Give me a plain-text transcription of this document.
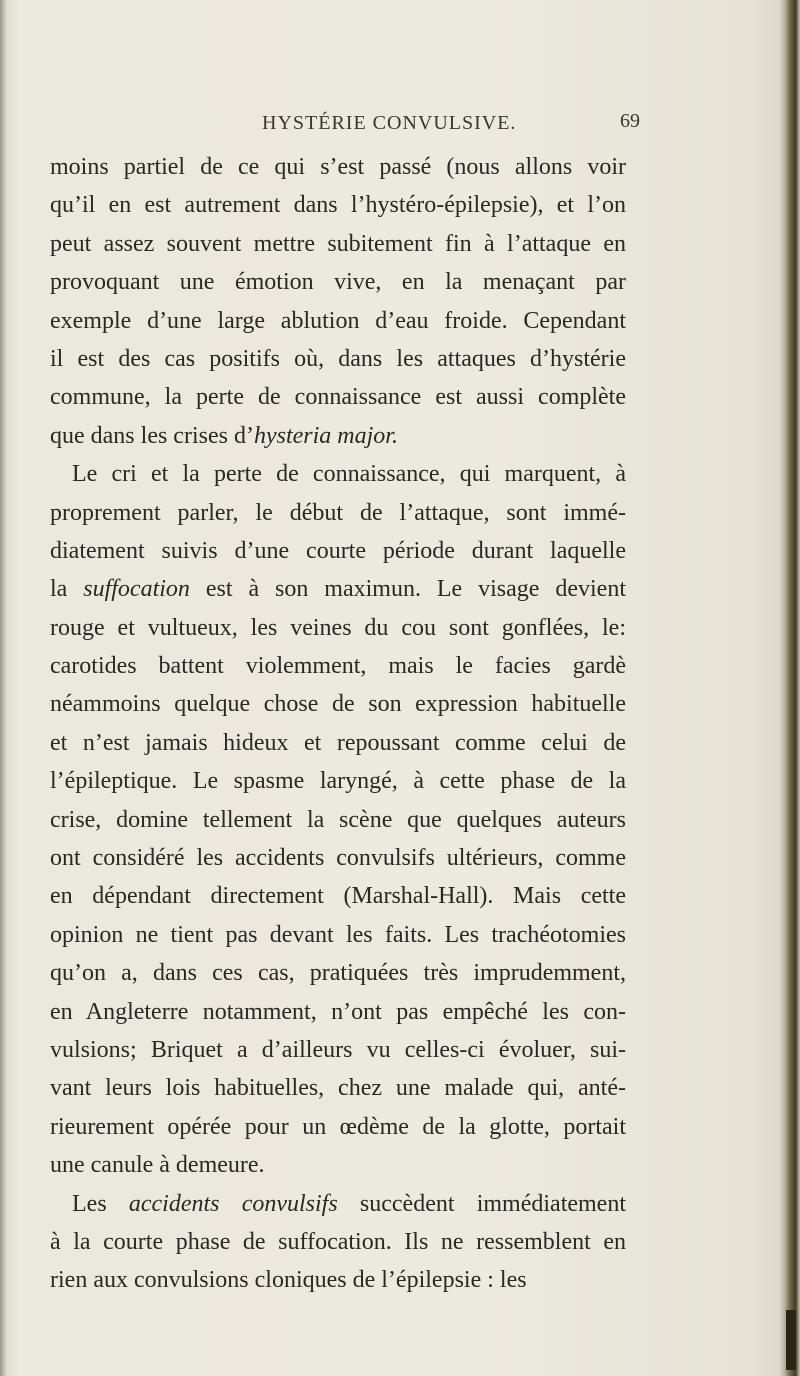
HYSTÉRIE CONVULSIVE.	69
moins partiel de ce qui s’est passé (nous allons voir
qu’il en est autrement dans l’hystéro-épilepsie), et l’on
peut assez souvent mettre subitement fin à l’attaque en
provoquant une émotion vive, en la menaçant par
exemple d’une large ablution d’eau froide. Cependant
il est des cas positifs où, dans les attaques d’hystérie
commune, la perte de connaissance est aussi complète
que dans les crises d’hysteria major.
Le cri et la perte de connaissance, qui marquent, à
proprement parler, le début de l’attaque, sont immé-
diatement suivis d’une courte période durant laquelle
la suffocation est à son maximun. Le visage devient
rouge et vultueux, les veines du cou sont gonflées, le:
carotides battent violemment, mais le facies gardè
néammoins quelque chose de son expression habituelle
et n’est jamais hideux et repoussant comme celui de
l’épileptique. Le spasme laryngé, à cette phase de la
crise, domine tellement la scène que quelques auteurs
ont considéré les accidents convulsifs ultérieurs, comme
en dépendant directement (Marshal-Hall). Mais cette
opinion ne tient pas devant les faits. Les trachéotomies
qu’on a, dans ces cas, pratiquées très imprudemment,
en Angleterre notamment, n’ont pas empêché les con-
vulsions; Briquet a d’ailleurs vu celles-ci évoluer, sui-
vant leurs lois habituelles, chez une malade qui, anté-
rieurement opérée pour un œdème de la glotte, portait
une canule à demeure.
Les accidents convulsifs succèdent immédiatement
à la courte phase de suffocation. Ils ne ressemblent en
rien aux convulsions cloniques de l’épilepsie : les
